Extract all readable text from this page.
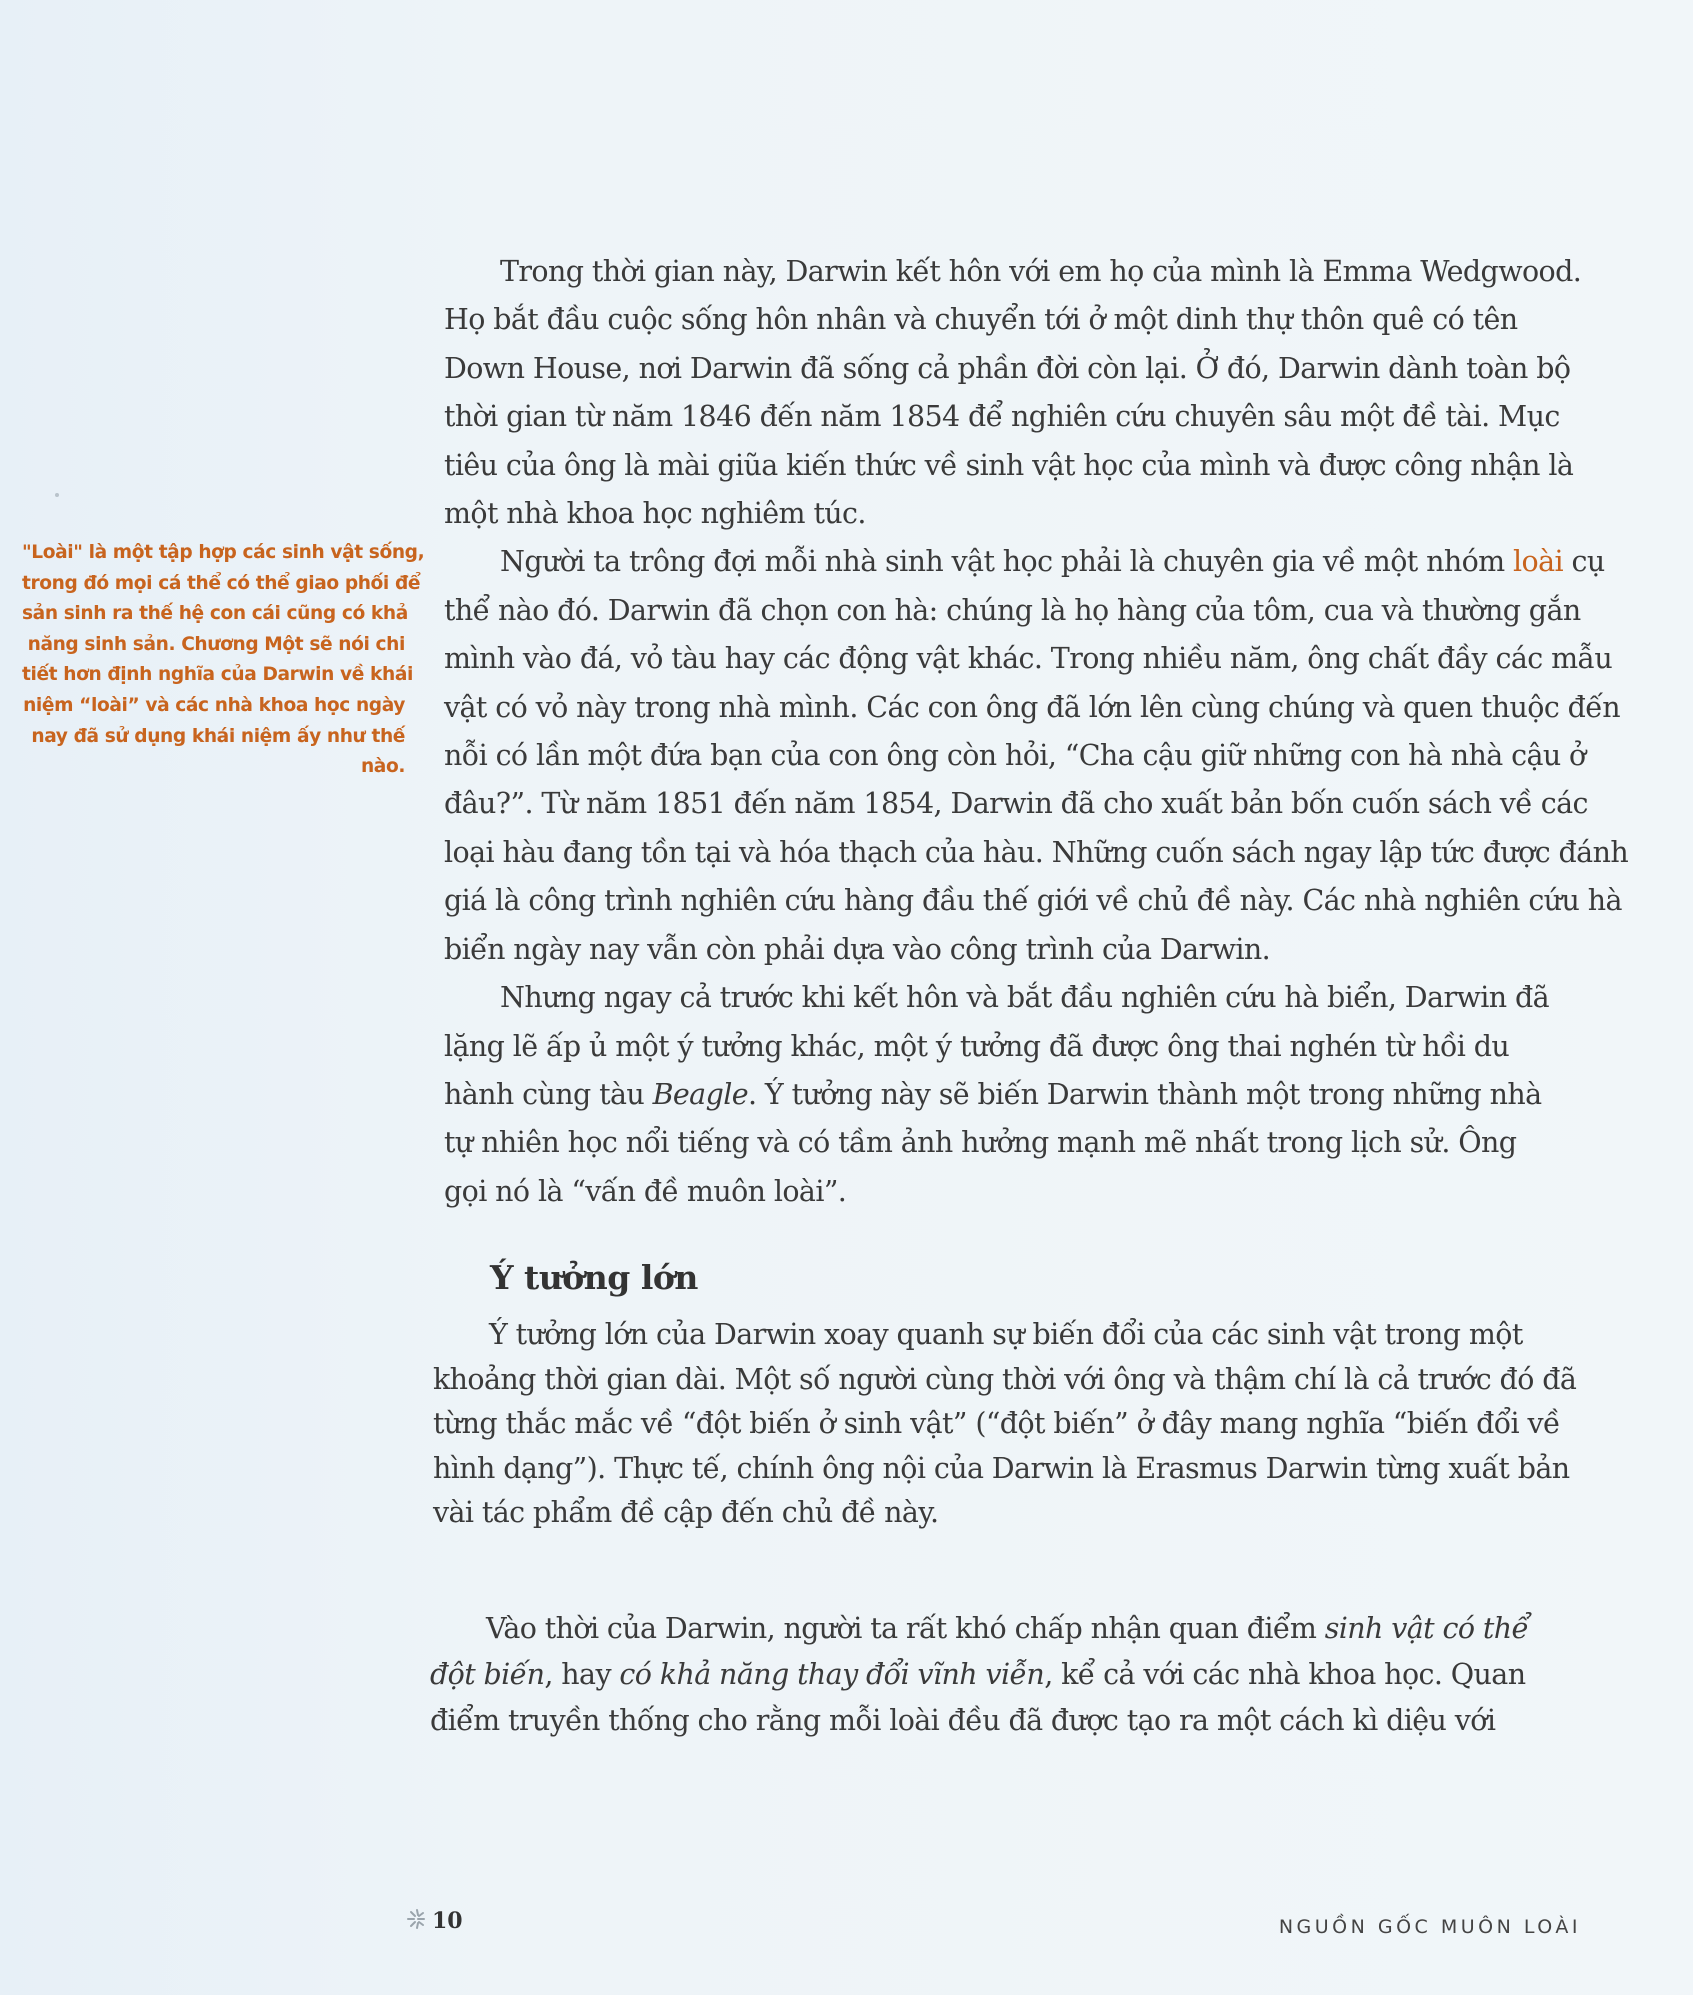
"Loài" là một tập hợp các sinh vật sống,
trong đó mọi cá thể có thể giao phối để
sản sinh ra thế hệ con cái cũng có khả
năng sinh sản. Chương Một sẽ nói chi
tiết hơn định nghĩa của Darwin về khái
niệm “loài” và các nhà khoa học ngày
nay đã sử dụng khái niệm ấy như thế
nào.
Trong thời gian này, Darwin kết hôn với em họ của mình là Emma Wedgwood.
Họ bắt đầu cuộc sống hôn nhân và chuyển tới ở một dinh thự thôn quê có tên
Down House, nơi Darwin đã sống cả phần đời còn lại. Ở đó, Darwin dành toàn bộ
thời gian từ năm 1846 đến năm 1854 để nghiên cứu chuyên sâu một đề tài. Mục
tiêu của ông là mài giũa kiến thức về sinh vật học của mình và được công nhận là
một nhà khoa học nghiêm túc.
Người ta trông đợi mỗi nhà sinh vật học phải là chuyên gia về một nhóm loài cụ
thể nào đó. Darwin đã chọn con hà: chúng là họ hàng của tôm, cua và thường gắn
mình vào đá, vỏ tàu hay các động vật khác. Trong nhiều năm, ông chất đầy các mẫu
vật có vỏ này trong nhà mình. Các con ông đã lớn lên cùng chúng và quen thuộc đến
nỗi có lần một đứa bạn của con ông còn hỏi, “Cha cậu giữ những con hà nhà cậu ở
đâu?”. Từ năm 1851 đến năm 1854, Darwin đã cho xuất bản bốn cuốn sách về các
loại hàu đang tồn tại và hóa thạch của hàu. Những cuốn sách ngay lập tức được đánh
giá là công trình nghiên cứu hàng đầu thế giới về chủ đề này. Các nhà nghiên cứu hà
biển ngày nay vẫn còn phải dựa vào công trình của Darwin.
Nhưng ngay cả trước khi kết hôn và bắt đầu nghiên cứu hà biển, Darwin đã
lặng lẽ ấp ủ một ý tưởng khác, một ý tưởng đã được ông thai nghén từ hồi du
hành cùng tàu Beagle. Ý tưởng này sẽ biến Darwin thành một trong những nhà
tự nhiên học nổi tiếng và có tầm ảnh hưởng mạnh mẽ nhất trong lịch sử. Ông
gọi nó là “vấn đề muôn loài”.
Ý tưởng lớn
Ý tưởng lớn của Darwin xoay quanh sự biến đổi của các sinh vật trong một
khoảng thời gian dài. Một số người cùng thời với ông và thậm chí là cả trước đó đã
từng thắc mắc về “đột biến ở sinh vật” (“đột biến” ở đây mang nghĩa “biến đổi về
hình dạng”). Thực tế, chính ông nội của Darwin là Erasmus Darwin từng xuất bản
vài tác phẩm đề cập đến chủ đề này.
Vào thời của Darwin, người ta rất khó chấp nhận quan điểm sinh vật có thể
đột biến, hay có khả năng thay đổi vĩnh viễn, kể cả với các nhà khoa học. Quan
điểm truyền thống cho rằng mỗi loài đều đã được tạo ra một cách kì diệu với
10	NGUỒN GỐC MUÔN LOÀI
